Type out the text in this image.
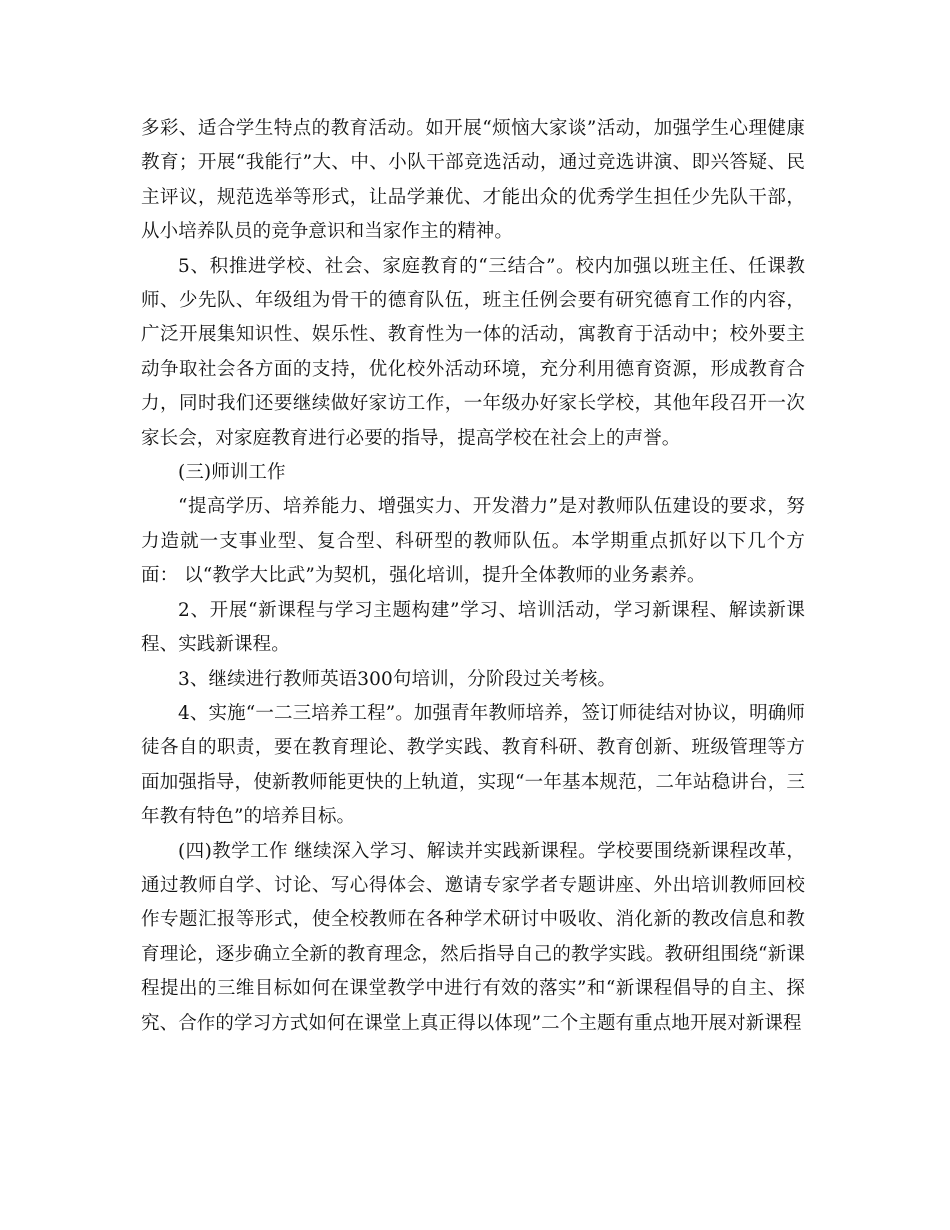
多彩、适合学生特点的教育活动。如开展“烦恼大家谈”活动，加强学生心理健康教育；开展“我能行”大、中、小队干部竞选活动，通过竞选讲演、即兴答疑、民主评议，规范选举等形式，让品学兼优、才能出众的优秀学生担任少先队干部，从小培养队员的竞争意识和当家作主的精神。

5、积推进学校、社会、家庭教育的“三结合”。校内加强以班主任、任课教师、少先队、年级组为骨干的德育队伍，班主任例会要有研究德育工作的内容，广泛开展集知识性、娱乐性、教育性为一体的活动，寓教育于活动中；校外要主动争取社会各方面的支持，优化校外活动环境，充分利用德育资源，形成教育合力，同时我们还要继续做好家访工作，一年级办好家长学校，其他年段召开一次家长会，对家庭教育进行必要的指导，提高学校在社会上的声誉。

(三)师训工作

“提高学历、培养能力、增强实力、开发潜力”是对教师队伍建设的要求，努力造就一支事业型、复合型、科研型的教师队伍。本学期重点抓好以下几个方面： 以“教学大比武”为契机，强化培训，提升全体教师的业务素养。

2、开展“新课程与学习主题构建”学习、培训活动，学习新课程、解读新课程、实践新课程。

3、继续进行教师英语300句培训，分阶段过关考核。

4、实施“一二三培养工程”。加强青年教师培养，签订师徒结对协议，明确师徒各自的职责，要在教育理论、教学实践、教育科研、教育创新、班级管理等方面加强指导，使新教师能更快的上轨道，实现“一年基本规范，二年站稳讲台，三年教有特色”的培养目标。

(四)教学工作 继续深入学习、解读并实践新课程。学校要围绕新课程改革，通过教师自学、讨论、写心得体会、邀请专家学者专题讲座、外出培训教师回校作专题汇报等形式，使全校教师在各种学术研讨中吸收、消化新的教改信息和教育理论，逐步确立全新的教育理念，然后指导自己的教学实践。教研组围绕“新课程提出的三维目标如何在课堂教学中进行有效的落实”和“新课程倡导的自主、探究、合作的学习方式如何在课堂上真正得以体现”二个主题有重点地开展对新课程
